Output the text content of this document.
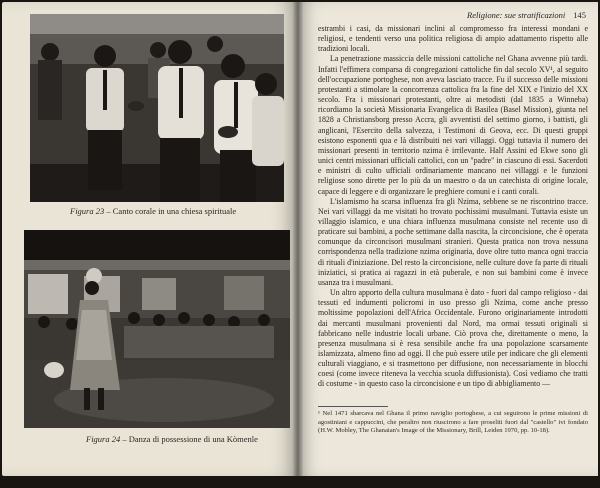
Figura 23 – Canto corale in una chiesa spirituale
Figura 24 – Danza di possessione di una Kòmenle
Religione: sue stratificazioni 145

estrambi i casi, da missionari inclini al compromesso fra interessi mondani e religiosi, e tendenti verso una politica religiosa di ampio adattamento rispetto alle tradizioni locali.

La penetrazione massiccia delle missioni cattoliche nel Ghana avvenne più tardi. Infatti l'effimera comparsa di congregazioni cattoliche fin dal secolo XV¹, al seguito dell'occupazione portoghese, non aveva lasciato tracce. Fu il successo delle missioni protestanti a stimolare la concorrenza cattolica fra la fine del XIX e l'inizio del XX secolo. Fra i missionari protestanti, oltre ai metodisti (dal 1835 a Winneba) ricordiamo la società Missionaria Evangelica di Basilea (Basel Mission), giunta nel 1828 a Christiansborg presso Accra, gli avventisti del settimo giorno, i battisti, gli anglicani, l'Esercito della salvezza, i Testimoni di Geova, ecc. Di questi gruppi esistono esponenti qua e là distribuiti nei vari villaggi. Oggi tuttavia il numero dei missionari presenti in territorio nzima è irrilevante. Half Assini ed Ekwe sono gli unici centri missionari ufficiali cattolici, con un "padre" in ciascuno di essi. Sacerdoti e ministri di culto ufficiali ordinariamente mancano nei villaggi e le funzioni religiose sono dirette per lo più da un maestro o da un catechista di origine locale, capace di leggere e di organizzare le preghiere comuni e i canti corali.

L'islamismo ha scarsa influenza fra gli Nzima, sebbene se ne riscontrino tracce. Nei vari villaggi da me visitati ho trovato pochissimi musulmani. Tuttavia esiste un villaggio islamico, e una chiara influenza musulmana consiste nel recente uso di praticare sui bambini, a poche settimane dalla nascita, la circoncisione, che è operata comunque da circoncisori musulmani stranieri. Questa pratica non trova nessuna corrispondenza nella tradizione nzima originaria, dove oltre tutto manca ogni traccia di rituali d'iniziazione. Del resto la circoncisione, nelle culture dove fa parte di rituali iniziatici, si pratica ai ragazzi in età puberale, e non sui bambini come è invece usanza tra i musulmani.

Un altro apporto della cultura musulmana è dato - fuori dal campo religioso - dai tessuti ed indumenti policromi in uso presso gli Nzima, come anche presso moltissime popolazioni dell'Africa Occidentale. Furono originariamente introdotti dai mercanti musulmani provenienti dal Nord, ma ormai tessuti originali si fabbricano nelle industrie locali urbane. Ciò prova che, direttamente o meno, la presenza musulmana si è resa sensibile anche fra una popolazione scarsamente islamizzata, almeno fino ad oggi. Il che può essere utile per indicare che gli elementi culturali viaggiano, e si trasmettono per diffusione, non necessariamente in blocchi coesi (come invece riteneva la vecchia scuola diffusionista). Così vediamo che tratti di costume - in questo caso la circoncisione e un tipo di abbigliamento —

¹ Nel 1471 sbarcava nel Ghana il primo naviglio portoghese, a cui seguirono le prime missioni di agostiniani e cappuccini, che peraltro non riuscirono a fare proseliti fuori dal "castello" ivi fondato (H.W. Mobley, The Ghanaian's Image of the Missionary, Brill, Leiden 1970, pp. 10-18).
